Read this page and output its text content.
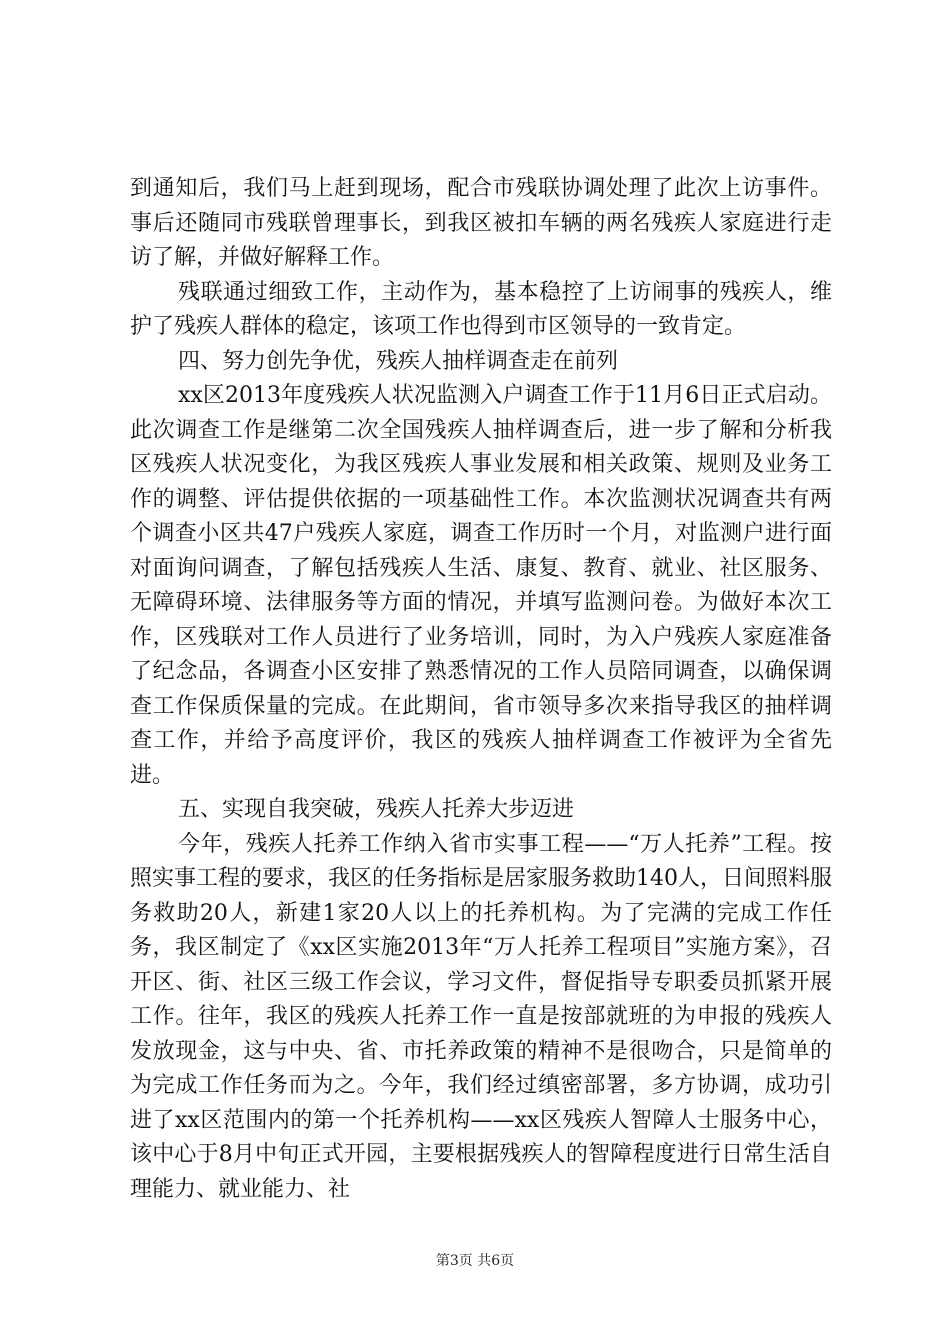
到通知后，我们马上赶到现场，配合市残联协调处理了此次上访事件。事后还随同市残联曾理事长，到我区被扣车辆的两名残疾人家庭进行走访了解，并做好解释工作。

残联通过细致工作，主动作为，基本稳控了上访闹事的残疾人，维护了残疾人群体的稳定，该项工作也得到市区领导的一致肯定。

四、努力创先争优，残疾人抽样调查走在前列

xx区2013年度残疾人状况监测入户调查工作于11月6日正式启动。此次调查工作是继第二次全国残疾人抽样调查后，进一步了解和分析我区残疾人状况变化，为我区残疾人事业发展和相关政策、规则及业务工作的调整、评估提供依据的一项基础性工作。本次监测状况调查共有两个调查小区共47户残疾人家庭，调查工作历时一个月，对监测户进行面对面询问调查，了解包括残疾人生活、康复、教育、就业、社区服务、无障碍环境、法律服务等方面的情况，并填写监测问卷。为做好本次工作，区残联对工作人员进行了业务培训，同时，为入户残疾人家庭准备了纪念品，各调查小区安排了熟悉情况的工作人员陪同调查，以确保调查工作保质保量的完成。在此期间，省市领导多次来指导我区的抽样调查工作，并给予高度评价，我区的残疾人抽样调查工作被评为全省先进。

五、实现自我突破，残疾人托养大步迈进

今年，残疾人托养工作纳入省市实事工程——“万人托养”工程。按照实事工程的要求，我区的任务指标是居家服务救助140人，日间照料服务救助20人，新建1家20人以上的托养机构。为了完满的完成工作任务，我区制定了《xx区实施2013年“万人托养工程项目”实施方案》，召开区、街、社区三级工作会议，学习文件，督促指导专职委员抓紧开展工作。往年，我区的残疾人托养工作一直是按部就班的为申报的残疾人发放现金，这与中央、省、市托养政策的精神不是很吻合，只是简单的为完成工作任务而为之。今年，我们经过缜密部署，多方协调，成功引进了xx区范围内的第一个托养机构——xx区残疾人智障人士服务中心，该中心于8月中旬正式开园，主要根据残疾人的智障程度进行日常生活自理能力、就业能力、社

第3页 共6页
